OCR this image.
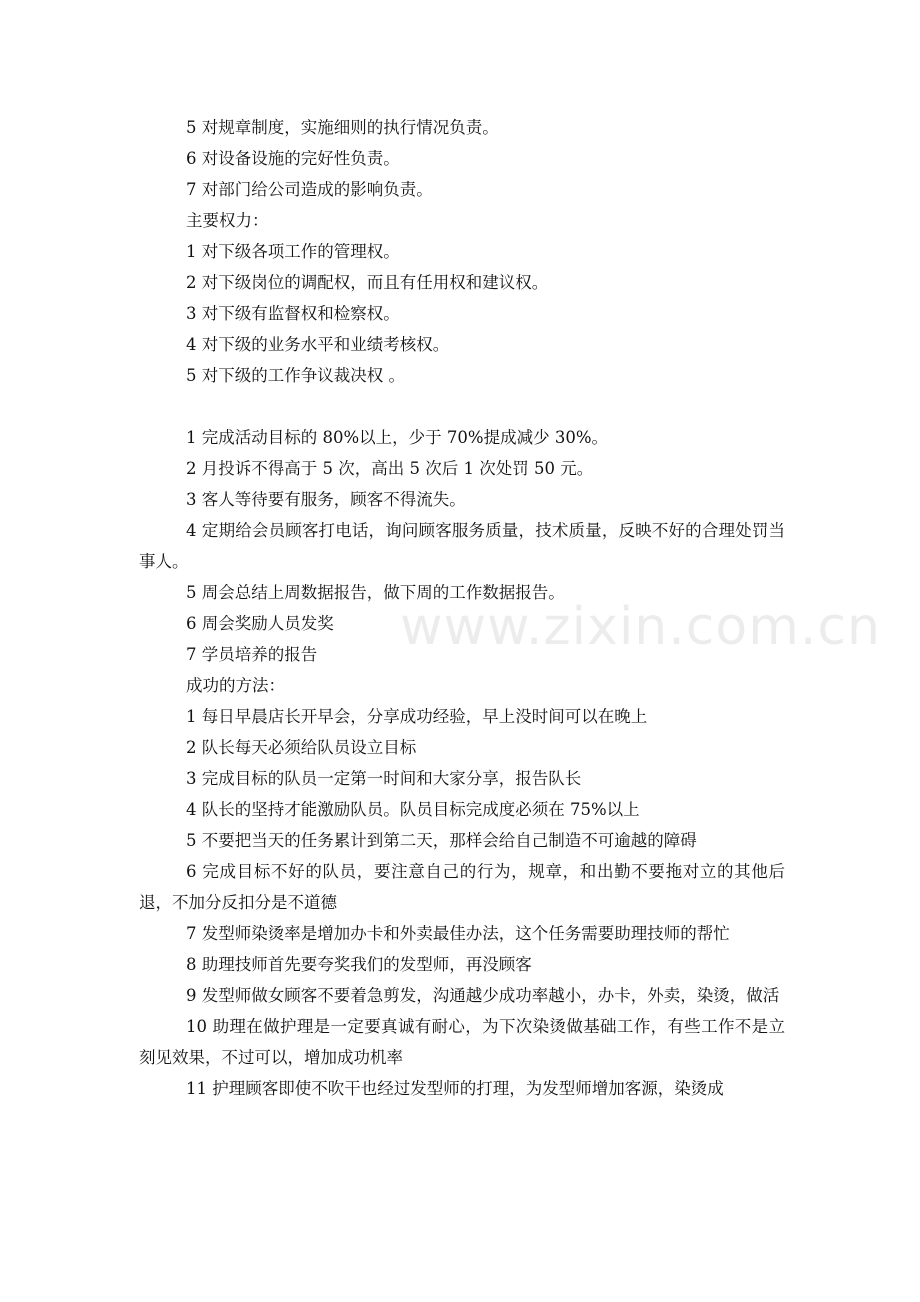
www.zixin.com.cn
5 对规章制度，实施细则的执行情况负责。
6 对设备设施的完好性负责。
7 对部门给公司造成的影响负责。
主要权力：
1 对下级各项工作的管理权。
2 对下级岗位的调配权，而且有任用权和建议权。
3 对下级有监督权和检察权。
4 对下级的业务水平和业绩考核权。
5 对下级的工作争议裁决权 。
1 完成活动目标的 80%以上，少于 70%提成减少 30%。
2 月投诉不得高于 5 次，高出 5 次后 1 次处罚 50 元。
3 客人等待要有服务，顾客不得流失。
4 定期给会员顾客打电话，询问顾客服务质量，技术质量，反映不好的合理处罚当事人。
5 周会总结上周数据报告，做下周的工作数据报告。
6 周会奖励人员发奖
7 学员培养的报告
成功的方法：
1 每日早晨店长开早会，分享成功经验，早上没时间可以在晚上
2 队长每天必须给队员设立目标
3 完成目标的队员一定第一时间和大家分享，报告队长
4 队长的坚持才能激励队员。队员目标完成度必须在 75%以上
5 不要把当天的任务累计到第二天，那样会给自己制造不可逾越的障碍
6 完成目标不好的队员，要注意自己的行为，规章，和出勤不要拖对立的其他后退，不加分反扣分是不道德
7 发型师染烫率是增加办卡和外卖最佳办法，这个任务需要助理技师的帮忙
8 助理技师首先要夸奖我们的发型师，再没顾客
9 发型师做女顾客不要着急剪发，沟通越少成功率越小，办卡，外卖，染烫，做活
10 助理在做护理是一定要真诚有耐心，为下次染烫做基础工作，有些工作不是立刻见效果，不过可以，增加成功机率
11 护理顾客即使不吹干也经过发型师的打理，为发型师增加客源，染烫成
